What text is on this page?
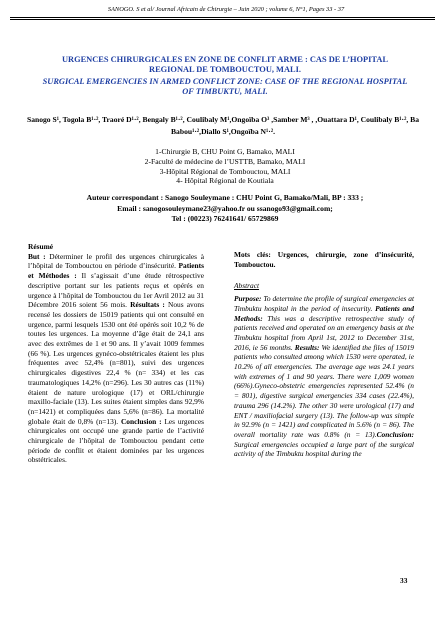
SANOGO. S et al/ Journal Africain de Chirurgie – Juin 2020 ; volume 6, N°1, Pages 33 - 37
URGENCES CHIRURGICALES EN ZONE DE CONFLIT ARME : CAS DE L’HOPITAL REGIONAL DE TOMBOUCTOU, MALI.
SURGICAL EMERGENCIES IN ARMED CONFLICT ZONE: CASE OF THE REGIONAL HOSPITAL OF TIMBUKTU, MALI.
Sanogo S¹, Togola B¹·², Traoré D¹·², Bengaly B¹·², Coulibaly M¹,Ongoïba O³ ,Samber M³ , ,Ouattara D¹, Coulibaly B¹·², Ba Babou¹·²,Diallo S¹,Ongoïba N¹·².
1-Chirurgie B, CHU Point G, Bamako, MALI
2-Faculté de médecine de l’USTTB, Bamako, MALI
3-Hôpital Régional de Tombouctou, MALI
4- Hôpital Régional de Koutiala
Auteur correspondant : Sanogo Souleymane : CHU Point G, Bamako/Mali, BP : 333 ;
Email : sanogosouleymane23@yahoo.fr ou ssanogo93@gmail.com;
Tel : (00223) 76241641/ 65729869

Résumé

But : Déterminer le profil des urgences chirurgicales à l’hôpital de Tombouctou en période d’insécurité. Patients et Méthodes : Il s’agissait d’une étude rétrospective descriptive portant sur les patients reçus et opérés en urgence à l’hôpital de Tombouctou du 1er Avril 2012 au 31 Décembre 2016 soient 56 mois. Résultats : Nous avons recensé les dossiers de 15019 patients qui ont consulté en urgence, parmi lesquels 1530 ont été opérés soit 10,2 % de toutes les urgences. La moyenne d’âge était de 24,1 ans avec des extrêmes de 1 et 90 ans. Il y’avait 1009 femmes (66 %). Les urgences gynéco-obstétricales étaient les plus fréquentes avec 52,4% (n=801), suivi des urgences chirurgicales digestives 22,4 % (n= 334) et les cas traumatologiques 14,2% (n=296). Les 30 autres cas (11%) étaient de nature urologique (17) et ORL/chirurgie maxillo-faciale (13). Les suites étaient simples dans 92,9% (n=1421) et compliquées dans 5,6% (n=86). La mortalité globale était de 0,8% (n=13). Conclusion : Les urgences chirurgicales ont occupé une grande partie de l’activité chirurgicale de l’hôpital de Tombouctou pendant cette période de conflit et étaient dominées par les urgences obstétricales.

Mots clés: Urgences, chirurgie, zone d’insécurité, Tombouctou.

Abstract

Purpose: To determine the profile of surgical emergencies at Timbuktu hospital in the period of insecurity. Patients and Methods: This was a descriptive retrospective study of patients received and operated on an emergency basis at the Timbuktu hospital from April 1st, 2012 to December 31st, 2016, ie 56 months. Results: We identified the files of 15019 patients who consulted among which 1530 were operated, ie 10.2% of all emergencies. The average age was 24.1 years with extremes of 1 and 90 years. There were 1,009 women (66%).Gyneco-obstetric emergencies represented 52.4% (n = 801), digestive surgical emergencies 334 cases (22.4%), trauma 296 (14.2%). The other 30 were urological (17) and ENT / maxiliofacial surgery (13). The follow-up was simple in 92.9% (n = 1421) and complicated in 5.6% (n = 86). The overall mortality rate was 0.8% (n = 13).Conclusion: Surgical emergencies occupied a large part of the surgical activity of the Timbuktu hospital during the

33
